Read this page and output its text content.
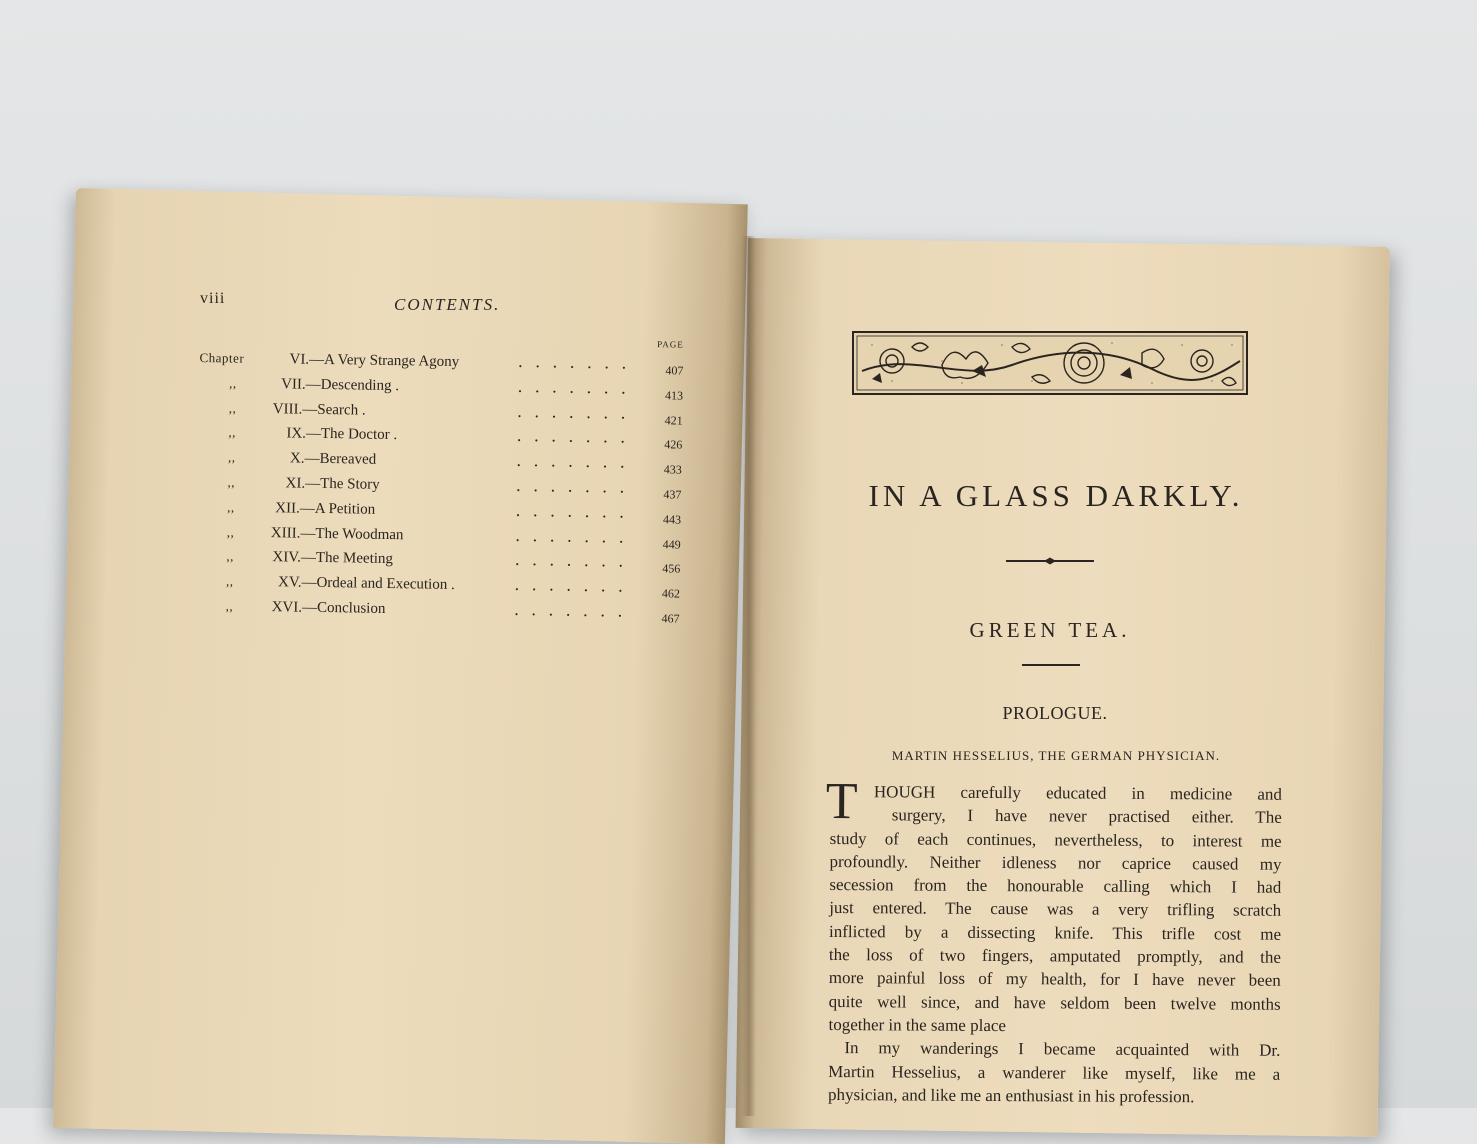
viii	CONTENTS.
PAGE
Chapter	VI.—A Very Strange Agony	....... 407
,,	VII.—Descending .	....... 413
,,	VIII.—Search .	....... 421
,,	IX.—The Doctor .	....... 426
,,	X.—Bereaved	....... 433
,,	XI.—The Story	....... 437
,,	XII.—A Petition	....... 443
,,	XIII.—The Woodman	....... 449
,,	XIV.—The Meeting	....... 456
,,	XV.—Ordeal and Execution .	....... 462
,,	XVI.—Conclusion	....... 467
IN A GLASS DARKLY.
GREEN TEA.
PROLOGUE.
MARTIN HESSELIUS, THE GERMAN PHYSICIAN.
T HOUGH carefully educated in medicine and
surgery, I have never practised either. The
study of each continues, nevertheless, to interest me
profoundly. Neither idleness nor caprice caused my
secession from the honourable calling which I had
just entered. The cause was a very trifling scratch
inflicted by a dissecting knife. This trifle cost me
the loss of two fingers, amputated promptly, and the
more painful loss of my health, for I have never been
quite well since, and have seldom been twelve months
together in the same place
In my wanderings I became acquainted with Dr.
Martin Hesselius, a wanderer like myself, like me a
physician, and like me an enthusiast in his profession.
